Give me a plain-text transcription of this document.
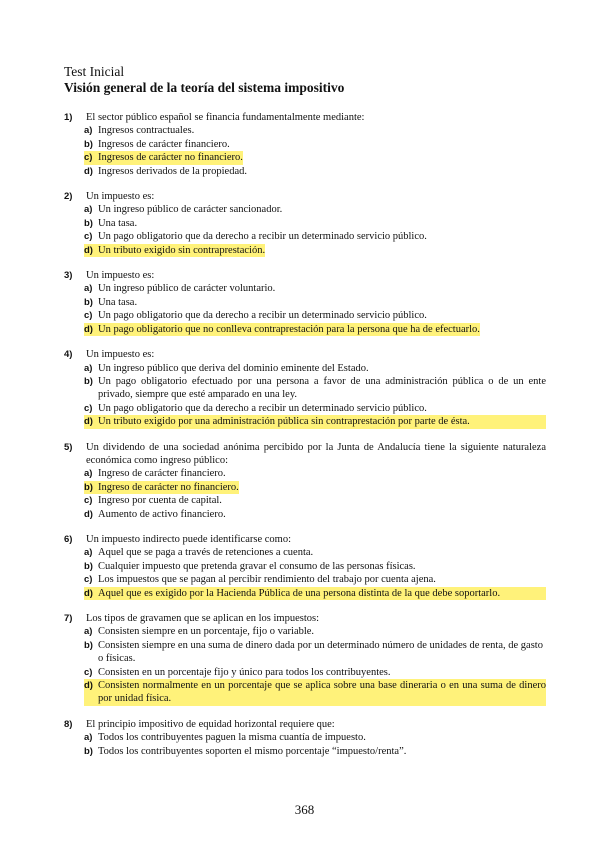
Test Inicial
Visión general de la teoría del sistema impositivo
1)	El sector público español se financia fundamentalmente mediante:
a) Ingresos contractuales.
b) Ingresos de carácter financiero.
c) Ingresos de carácter no financiero.
d) Ingresos derivados de la propiedad.
2)	Un impuesto es:
a) Un ingreso público de carácter sancionador.
b) Una tasa.
c) Un pago obligatorio que da derecho a recibir un determinado servicio público.
d) Un tributo exigido sin contraprestación.
3)	Un impuesto es:
a) Un ingreso público de carácter voluntario.
b) Una tasa.
c) Un pago obligatorio que da derecho a recibir un determinado servicio público.
d) Un pago obligatorio que no conlleva contraprestación para la persona que ha de efectuarlo.
4)	Un impuesto es:
a) Un ingreso público que deriva del dominio eminente del Estado.
b) Un pago obligatorio efectuado por una persona a favor de una administración pública o de un ente privado, siempre que esté amparado en una ley.
c) Un pago obligatorio que da derecho a recibir un determinado servicio público.
d) Un tributo exigido por una administración pública sin contraprestación por parte de ésta.
5)	Un dividendo de una sociedad anónima percibido por la Junta de Andalucía tiene la siguiente naturaleza económica como ingreso público:
a) Ingreso de carácter financiero.
b) Ingreso de carácter no financiero.
c) Ingreso por cuenta de capital.
d) Aumento de activo financiero.
6)	Un impuesto indirecto puede identificarse como:
a) Aquel que se paga a través de retenciones a cuenta.
b) Cualquier impuesto que pretenda gravar el consumo de las personas físicas.
c) Los impuestos que se pagan al percibir rendimiento del trabajo por cuenta ajena.
d) Aquel que es exigido por la Hacienda Pública de una persona distinta de la que debe soportarlo.
7)	Los tipos de gravamen que se aplican en los impuestos:
a) Consisten siempre en un porcentaje, fijo o variable.
b) Consisten siempre en una suma de dinero dada por un determinado número de unidades de renta, de gasto o físicas.
c) Consisten en un porcentaje fijo y único para todos los contribuyentes.
d) Consisten normalmente en un porcentaje que se aplica sobre una base dineraria o en una suma de dinero por unidad física.
8)	El principio impositivo de equidad horizontal requiere que:
a) Todos los contribuyentes paguen la misma cuantía de impuesto.
b) Todos los contribuyentes soporten el mismo porcentaje “impuesto/renta”.
368
